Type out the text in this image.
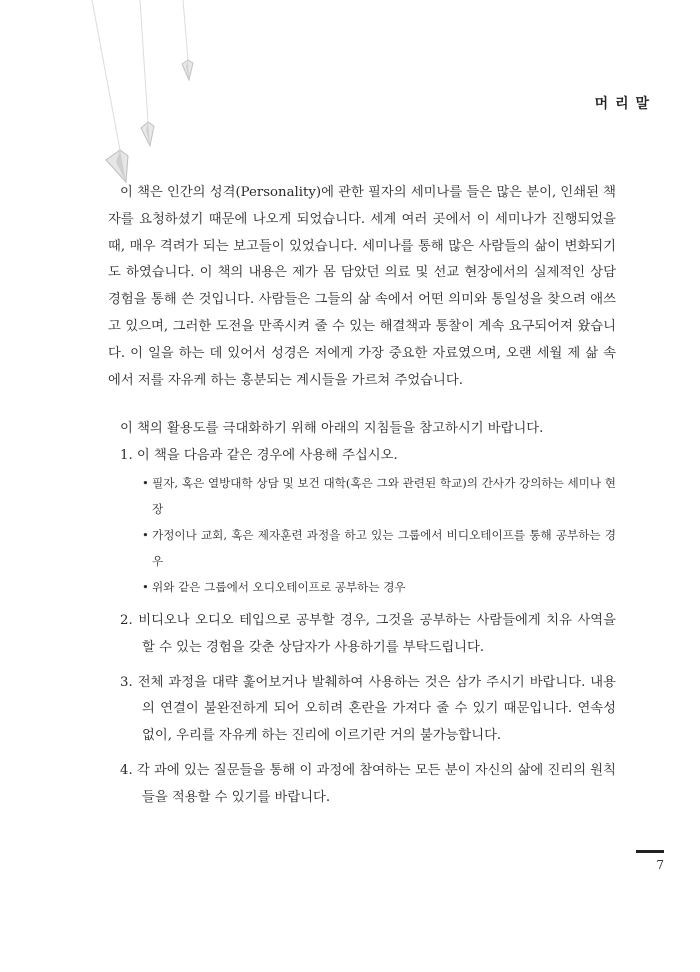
머 리 말

이 책은 인간의 성격(Personality)에 관한 필자의 세미나를 들은 많은 분이, 인쇄된 책자를 요청하셨기 때문에 나오게 되었습니다. 세계 여러 곳에서 이 세미나가 진행되었을 때, 매우 격려가 되는 보고들이 있었습니다. 세미나를 통해 많은 사람들의 삶이 변화되기도 하였습니다. 이 책의 내용은 제가 몸 담았던 의료 및 선교 현장에서의 실제적인 상담 경험을 통해 쓴 것입니다. 사람들은 그들의 삶 속에서 어떤 의미와 통일성을 찾으려 애쓰고 있으며, 그러한 도전을 만족시켜 줄 수 있는 해결책과 통찰이 계속 요구되어져 왔습니다. 이 일을 하는 데 있어서 성경은 저에게 가장 중요한 자료였으며, 오랜 세월 제 삶 속에서 저를 자유케 하는 흥분되는 계시들을 가르쳐 주었습니다.

이 책의 활용도를 극대화하기 위해 아래의 지침들을 참고하시기 바랍니다.

1. 이 책을 다음과 같은 경우에 사용해 주십시오.
• 필자, 혹은 열방대학 상담 및 보건 대학(혹은 그와 관련된 학교)의 간사가 강의하는 세미나 현장
• 가정이나 교회, 혹은 제자훈련 과정을 하고 있는 그룹에서 비디오테이프를 통해 공부하는 경우
• 위와 같은 그룹에서 오디오테이프로 공부하는 경우
2. 비디오나 오디오 테입으로 공부할 경우, 그것을 공부하는 사람들에게 치유 사역을 할 수 있는 경험을 갖춘 상담자가 사용하기를 부탁드립니다.
3. 전체 과정을 대략 훑어보거나 발췌하여 사용하는 것은 삼가 주시기 바랍니다. 내용의 연결이 불완전하게 되어 오히려 혼란을 가져다 줄 수 있기 때문입니다. 연속성 없이, 우리를 자유케 하는 진리에 이르기란 거의 불가능합니다.
4. 각 과에 있는 질문들을 통해 이 과정에 참여하는 모든 분이 자신의 삶에 진리의 원칙들을 적용할 수 있기를 바랍니다.
7
